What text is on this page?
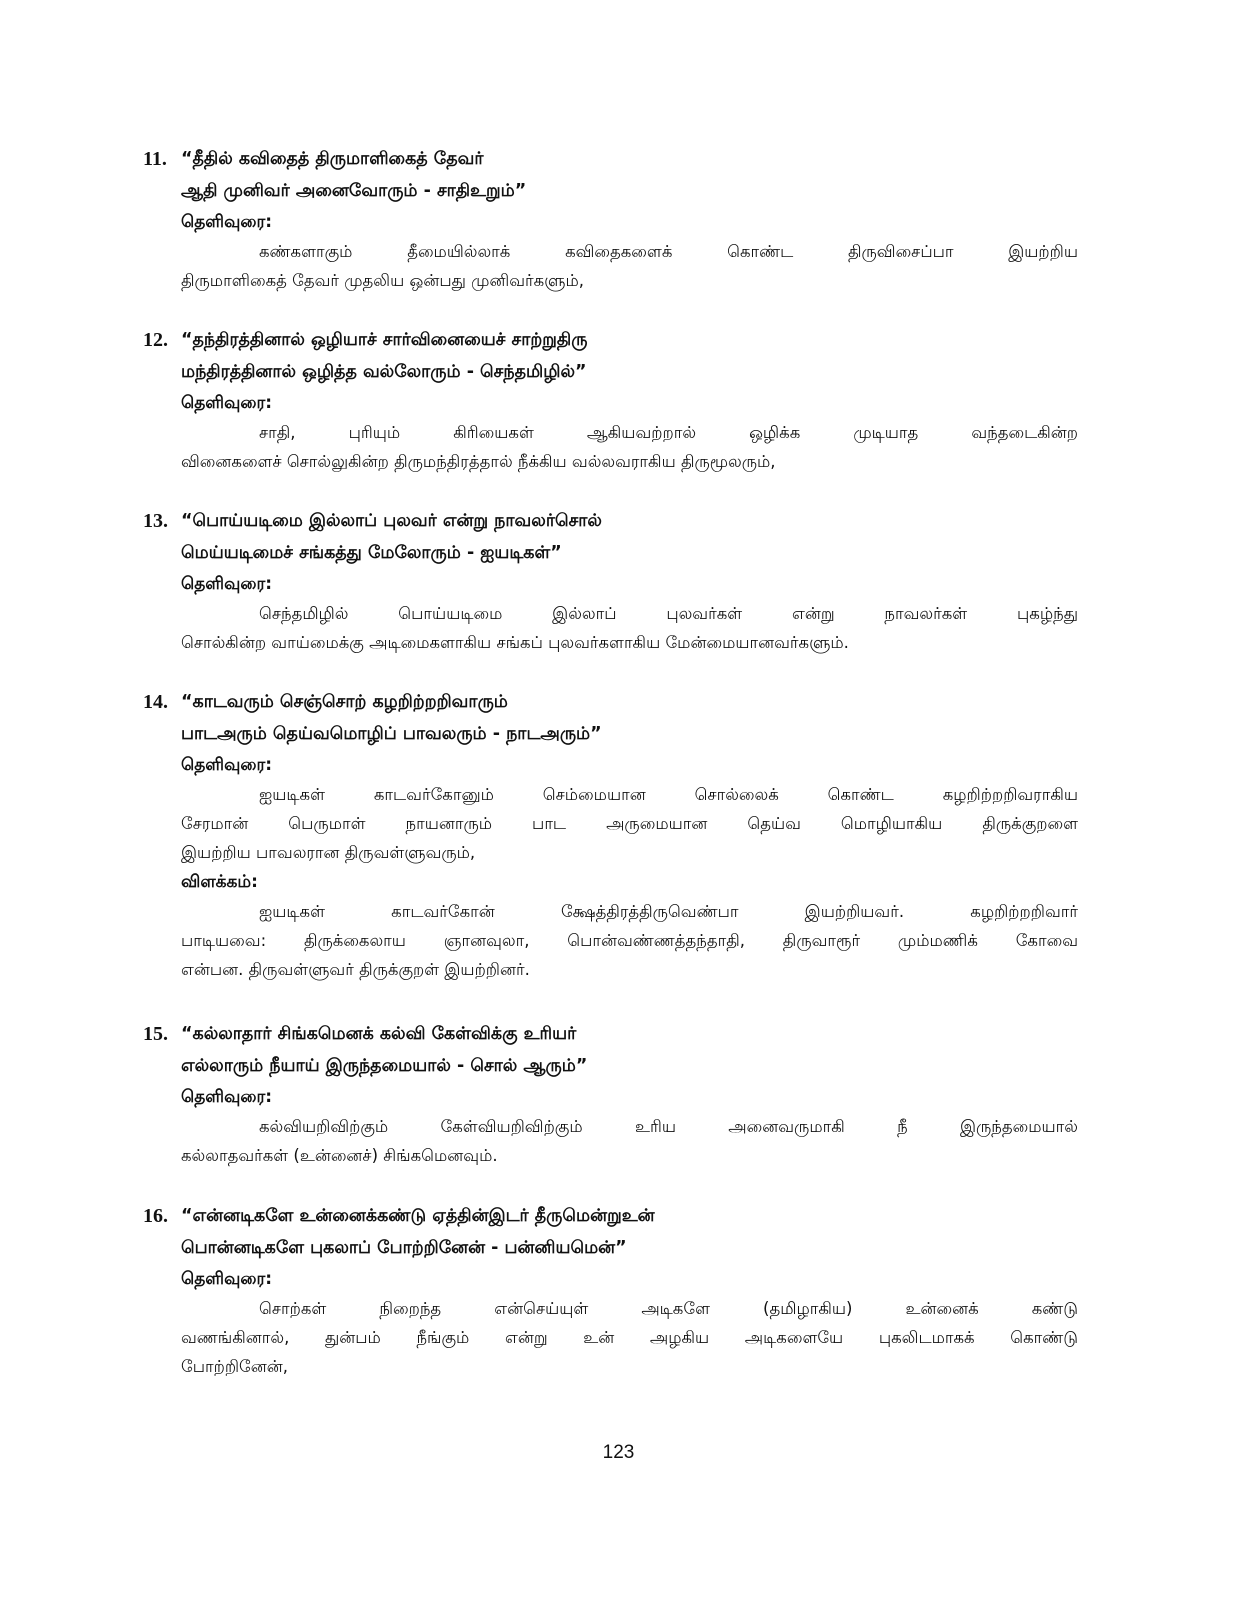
11. “தீதில் கவிதைத் திருமாளிகைத் தேவர்
ஆதி முனிவர் அனைவோரும் - சாதிஉறும்”
தெளிவுரை:
கண்களாகும் தீமையில்லாக் கவிதைகளைக் கொண்ட திருவிசைப்பா இயற்றிய
திருமாளிகைத் தேவர் முதலிய ஒன்பது முனிவர்களும்,
12. “தந்திரத்தினால் ஒழியாச் சார்வினையைச் சாற்றுதிரு
மந்திரத்தினால் ஒழித்த வல்லோரும் - செந்தமிழில்”
தெளிவுரை:
சாதி, புரியும் கிரியைகள் ஆகியவற்றால் ஒழிக்க முடியாத வந்தடைகின்ற
வினைகளைச் சொல்லுகின்ற திருமந்திரத்தால் நீக்கிய வல்லவராகிய திருமூலரும்,
13. “பொய்யடிமை இல்லாப் புலவர் என்று நாவலர்சொல்
மெய்யடிமைச் சங்கத்து மேலோரும் - ஐயடிகள்”
தெளிவுரை:
செந்தமிழில் பொய்யடிமை இல்லாப் புலவர்கள் என்று நாவலர்கள் புகழ்ந்து
சொல்கின்ற வாய்மைக்கு அடிமைகளாகிய சங்கப் புலவர்களாகிய மேன்மையானவர்களும்.
14. “காடவரும் செஞ்சொற் கழறிற்றறிவாரும்
பாடஅரும் தெய்வமொழிப் பாவலரும் - நாடஅரும்”
தெளிவுரை:
ஐயடிகள் காடவர்கோனும் செம்மையான சொல்லைக் கொண்ட கழறிற்றறிவராகிய
சேரமான் பெருமாள் நாயனாரும் பாட அருமையான தெய்வ மொழியாகிய திருக்குறளை
இயற்றிய பாவலரான திருவள்ளுவரும்,
விளக்கம்:
ஐயடிகள் காடவர்கோன் க்ஷேத்திரத்திருவெண்பா இயற்றியவர். கழறிற்றறிவார்
பாடியவை: திருக்கைலாய ஞானவுலா, பொன்வண்ணத்தந்தாதி, திருவாரூர் மும்மணிக் கோவை
என்பன. திருவள்ளுவர் திருக்குறள் இயற்றினர்.
15. “கல்லாதார் சிங்கமெனக் கல்வி கேள்விக்கு உரியர்
எல்லாரும் நீயாய் இருந்தமையால் - சொல் ஆரும்”
தெளிவுரை:
கல்வியறிவிற்கும் கேள்வியறிவிற்கும் உரிய அனைவருமாகி நீ இருந்தமையால்
கல்லாதவர்கள் (உன்னைச்) சிங்கமெனவும்.
16. “என்னடிகளே உன்னைக்கண்டு ஏத்தின்இடர் தீருமென்றுஉன்
பொன்னடிகளே புகலாப் போற்றினேன் - பன்னியமென்”
தெளிவுரை:
சொற்கள் நிறைந்த என்செய்யுள் அடிகளே (தமிழாகிய) உன்னைக் கண்டு
வணங்கினால், துன்பம் நீங்கும் என்று உன் அழகிய அடிகளையே புகலிடமாகக் கொண்டு
போற்றினேன்,
123
